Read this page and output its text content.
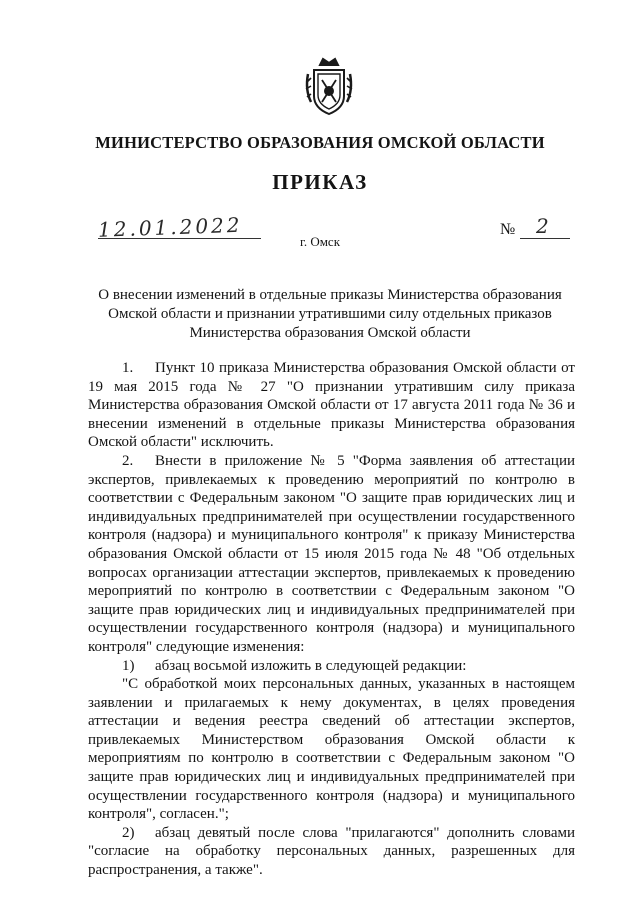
МИНИСТЕРСТВО ОБРАЗОВАНИЯ ОМСКОЙ ОБЛАСТИ
ПРИКАЗ
12.01.2022	№ 2
г. Омск
О внесении изменений в отдельные приказы Министерства образования Омской области и признании утратившими силу отдельных приказов Министерства образования Омской области

1. Пункт 10 приказа Министерства образования Омской области от 19 мая 2015 года № 27 "О признании утратившим силу приказа Министерства образования Омской области от 17 августа 2011 года № 36 и внесении изменений в отдельные приказы Министерства образования Омской области" исключить.

2. Внести в приложение № 5 "Форма заявления об аттестации экспертов, привлекаемых к проведению мероприятий по контролю в соответствии с Федеральным законом "О защите прав юридических лиц и индивидуальных предпринимателей при осуществлении государственного контроля (надзора) и муниципального контроля" к приказу Министерства образования Омской области от 15 июля 2015 года № 48 "Об отдельных вопросах организации аттестации экспертов, привлекаемых к проведению мероприятий по контролю в соответствии с Федеральным законом "О защите прав юридических лиц и индивидуальных предпринимателей при осуществлении государственного контроля (надзора) и муниципального контроля" следующие изменения:

1) абзац восьмой изложить в следующей редакции:

"С обработкой моих персональных данных, указанных в настоящем заявлении и прилагаемых к нему документах, в целях проведения аттестации и ведения реестра сведений об аттестации экспертов, привлекаемых Министерством образования Омской области к мероприятиям по контролю в соответствии с Федеральным законом "О защите прав юридических лиц и индивидуальных предпринимателей при осуществлении государственного контроля (надзора) и муниципального контроля", согласен.";

2) абзац девятый после слова "прилагаются" дополнить словами "согласие на обработку персональных данных, разрешенных для распространения, а также".
